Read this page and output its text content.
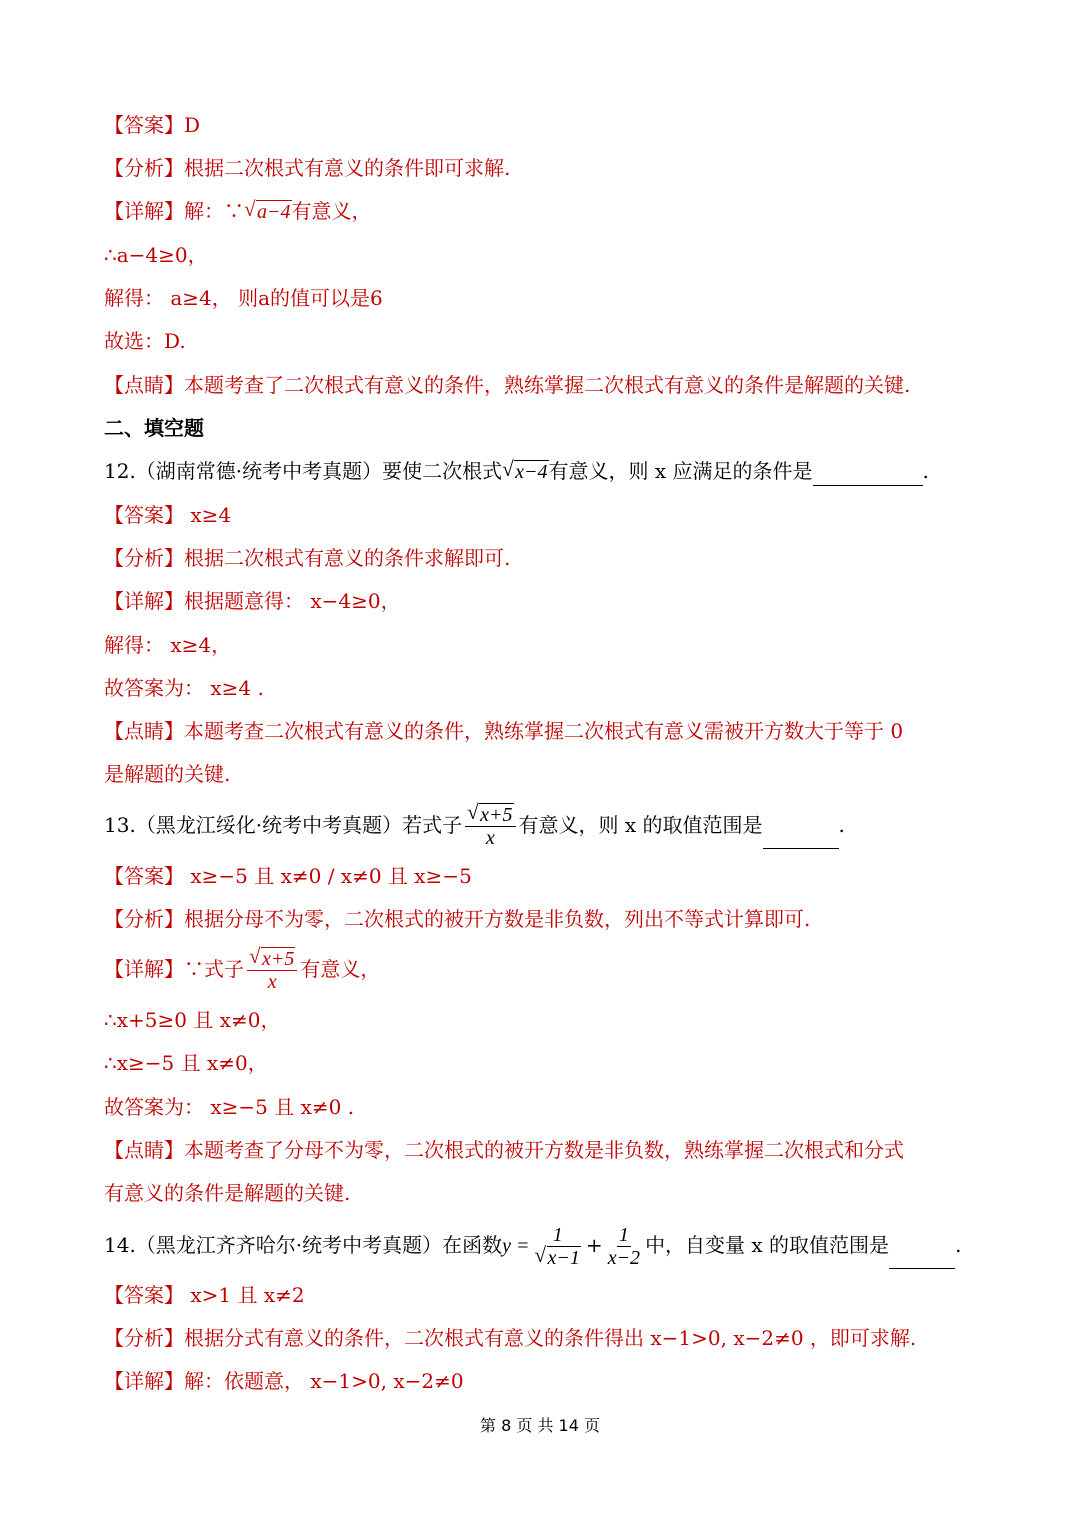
【答案】D
【分析】根据二次根式有意义的条件即可求解.
【详解】解：∵ √ a−4有意义，
∴a−4≥0，
解得： a≥4， 则a的值可以是6
故选：D.
【点睛】本题考查了二次根式有意义的条件，熟练掌握二次根式有意义的条件是解题的关键.
二、填空题
12.（湖南常德·统考中考真题）要使二次根式 √ x−4有意义，则 x 应满足的条件是	.
【答案】 x≥4
【分析】根据二次根式有意义的条件求解即可.
【详解】根据题意得： x−4≥0，
解得： x≥4，
故答案为： x≥4 .
【点睛】本题考查二次根式有意义的条件，熟练掌握二次根式有意义需被开方数大于等于 0
是解题的关键.
13.（黑龙江绥化·统考中考真题）若式子 $\frac{√ x+5}{x}$ 有意义，则 x 的取值范围是	.
【答案】 x≥−5 且 x≠0 / x≠0 且 x≥−5
【分析】根据分母不为零，二次根式的被开方数是非负数，列出不等式计算即可.
【详解】∵式子 $\frac{√ x+5}{x}$ 有意义，
∴x+5≥0 且 x≠0，
∴x≥−5 且 x≠0，
故答案为： x≥−5 且 x≠0 .
【点睛】本题考查了分母不为零，二次根式的被开方数是非负数，熟练掌握二次根式和分式
有意义的条件是解题的关键.
14.（黑龙江齐齐哈尔·统考中考真题）在函数$y = \frac{1}{√ x-1} + \frac{1}{x-2}$ 中，自变量 x 的取值范围是	.
【答案】 x>1 且 x≠2
【分析】根据分式有意义的条件，二次根式有意义的条件得出 x−1>0, x−2≠0 ，即可求解.
【详解】解：依题意， x−1>0, x−2≠0
第 8 页 共 14 页
